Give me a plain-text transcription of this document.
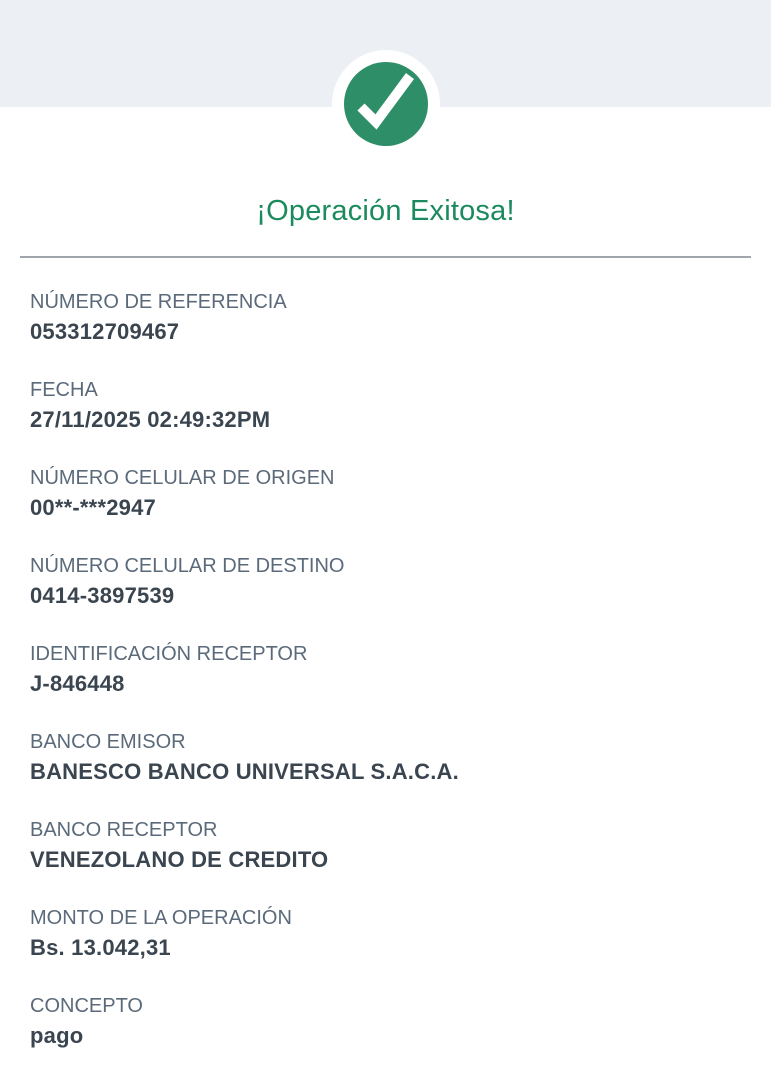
¡Operación Exitosa!
NÚMERO DE REFERENCIA
053312709467
FECHA
27/11/2025 02:49:32PM
NÚMERO CELULAR DE ORIGEN
00**-***2947
NÚMERO CELULAR DE DESTINO
0414-3897539
IDENTIFICACIÓN RECEPTOR
J-846448
BANCO EMISOR
BANESCO BANCO UNIVERSAL S.A.C.A.
BANCO RECEPTOR
VENEZOLANO DE CREDITO
MONTO DE LA OPERACIÓN
Bs. 13.042,31
CONCEPTO
pago
